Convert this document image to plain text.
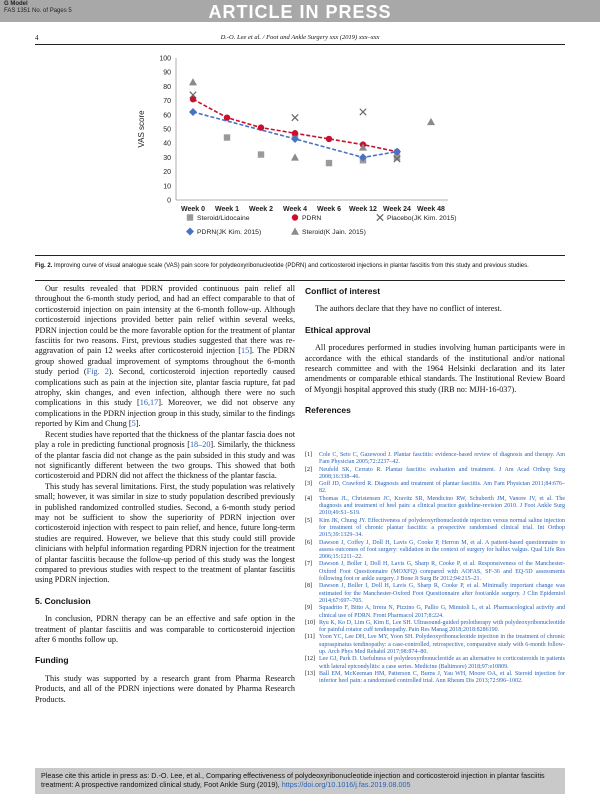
G Model
FAS 1351 No. of Pages 5	ARTICLE IN PRESS
4	D.-O. Lee et al. / Foot and Ankle Surgery xxx (2019) xxx–xxx
0
10
20
30
40
50
60
70
80
90
100
VAS score
Week 0 Week 1 Week 2 Week 4 Week 6 Week 12 Week 24 Week 48
Steroid/Lidocaine	PDRN	Placebo(JK Kim. 2015)
PDRN(JK Kim. 2015)	Steroid(K Jain. 2015)
Fig. 2. Improving curve of visual analogue scale (VAS) pain score for polydeoxyribonucleotide (PDRN) and corticosteroid injections in plantar fasciitis from this study and previous studies.

Our results revealed that PDRN provided continuous pain relief all throughout the 6-month study period, and had an effect comparable to that of corticosteroid injection on pain intensity at the 6-month follow-up. Although corticosteroid injections provided better pain relief within several weeks, PDRN injection could be the more favorable option for the treatment of plantar fasciitis for two reasons. First, previous studies suggested that there was re-aggravation of pain 12 weeks after corticosteroid injection [15]. The PDRN group showed gradual improvement of symptoms throughout the 6-month study period (Fig. 2). Second, corticosteroid injection reportedly caused complications such as pain at the injection site, plantar fascia rupture, fat pad atrophy, skin changes, and even infection, although there were no such complications in this study [16,17]. Moreover, we did not observe any complications in the PDRN injection group in this study, similar to the findings reported by Kim and Chung [5].

Recent studies have reported that the thickness of the plantar fascia does not play a role in predicting functional prognosis [18–20]. Similarly, the thickness of the plantar fascia did not change as the pain subsided in this study and was not significantly different between the two groups. This showed that both corticosteroid and PDRN did not affect the thickness of the plantar fascia.

This study has several limitations. First, the study population was relatively small; however, it was similar in size to study population described previously in published randomized controlled studies. Second, a 6-month study period may not be sufficient to show the superiority of PDRN injection over corticosteroid injection with respect to pain relief, and hence, future long-term studies are required. However, we believe that this study could still provide clinicians with helpful information regarding PDRN injection for the treatment of plantar fasciitis because the follow-up period of this study was the longest compared to previous studies with respect to the treatment of plantar fasciitis using PDRN injection.

5. Conclusion

In conclusion, PDRN therapy can be an effective and safe option in the treatment of plantar fasciitis and was comparable to corticosteroid injection after 6 months follow up.

Funding

This study was supported by a research grant from Pharma Research Products, and all of the PDRN injections were donated by Pharma Research Products.

Conflict of interest

The authors declare that they have no conflict of interest.

Ethical approval

All procedures performed in studies involving human participants were in accordance with the ethical standards of the institutional and/or national research committee and with the 1964 Helsinki declaration and its later amendments or comparable ethical standards. The Institutional Review Board of Myongji hospital approved this study (IRB no: MJH-16-037).

References
[1]	Cole C, Seto C, Gazewood J. Plantar fasciitis: evidence-based review of diagnosis and therapy. Am Fam Physician 2005;72:2237–42.
[2]	Neufeld SK, Cerrato R. Plantar fasciitis: evaluation and treatment. J Am Acad Orthop Surg 2008;16:338–46.
[3]	Goff JD, Crawford R. Diagnosis and treatment of plantar fasciitis. Am Fam Physician 2011;84:676–82.
[4]	Thomas JL, Christensen JC, Kravitz SR, Mendicino RW, Schuberth JM, Vanore JV, et al. The diagnosis and treatment of heel pain: a clinical practice guideline-revision 2010. J Foot Ankle Surg 2010;49:S1–S19.
[5]	Kim JK, Chung JY. Effectiveness of polydeoxyribonucleotide injection versus normal saline injection for treatment of chronic plantar fasciitis: a prospective randomised clinical trial. Int Orthop 2015;39:1329–34.
[6]	Dawson J, Coffey J, Doll H, Lavis G, Cooke P, Herron M, et al. A patient-based questionnaire to assess outcomes of foot surgery: validation in the context of surgery for hallux valgus. Qual Life Res 2006;15:1211–22.
[7]	Dawson J, Boller I, Doll H, Lavis G, Sharp R, Cooke P, et al. Responsiveness of the Manchester-Oxford Foot Questionnaire (MOXFQ) compared with AOFAS, SF-36 and EQ-5D assessments following foot or ankle surgery. J Bone Jt Surg Br 2012;94:215–21.
[8]	Dawson J, Boller I, Doll H, Lavis G, Sharp R, Cooke P, et al. Minimally important change was estimated for the Manchester-Oxford Foot Questionnaire after foot/ankle surgery. J Clin Epidemiol 2014;67:697–705.
[9]	Squadrito F, Bitto A, Irrera N, Pizzino G, Pallio G, Minutoli L, et al. Pharmacological activity and clinical use of PDRN. Front Pharmacol 2017;8:224.
[10] Ryu K, Ko D, Lim G, Kim E, Lee SH. Ultrasound-guided prolotherapy with polydeoxyribonucleotide for painful rotator cuff tendinopathy. Pain Res Manag 2018;2018:8286190.
[11] Yoon YC, Lee DH, Lee MY, Yoon SH. Polydeoxyribonucleotide injection in the treatment of chronic supraspinatus tendinopathy: a case-controlled, retrospective, comparative study with 6-month follow-up. Arch Phys Med Rehabil 2017;98:874–80.
[12] Lee GJ, Park D. Usefulness of polydeoxyribonucleotide as an alternative to corticosteroids in patients with lateral epicondylitis: a case series. Medicine (Baltimore) 2018;97:e10809.
[13] Ball EM, McKeeman HM, Patterson C, Burns J, Yau WH, Moore OA, et al. Steroid injection for inferior heel pain: a randomised controlled trial. Ann Rheum Dis 2013;72:996–1002.
Please cite this article in press as: D.-O. Lee, et al., Comparing effectiveness of polydeoxyribonucleotide injection and corticosteroid injection in plantar fasciitis treatment: A prospective randomized clinical study, Foot Ankle Surg (2019), https://doi.org/10.1016/j.fas.2019.08.005
